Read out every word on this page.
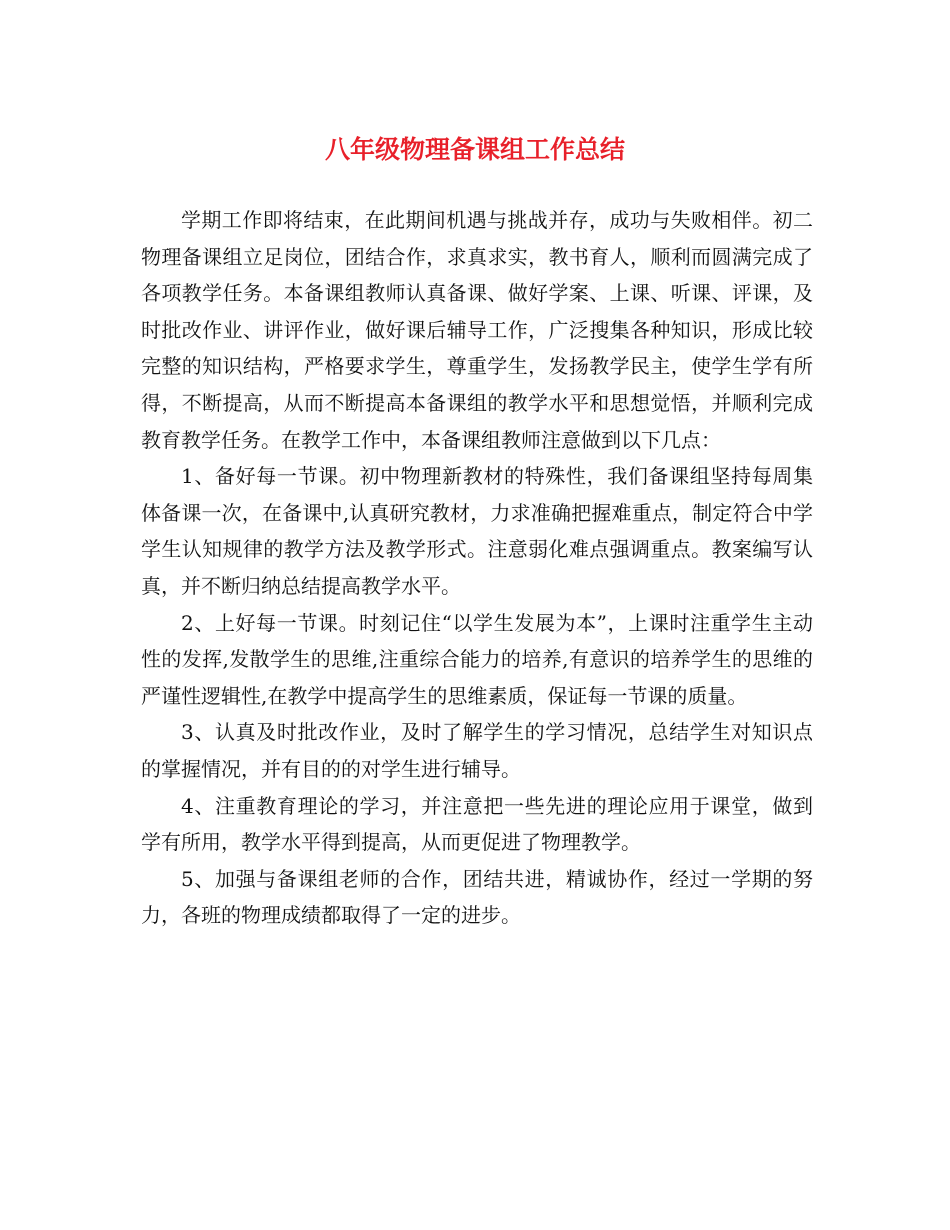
八年级物理备课组工作总结

学期工作即将结束，在此期间机遇与挑战并存，成功与失败相伴。初二物理备课组立足岗位，团结合作，求真求实，教书育人，顺利而圆满完成了各项教学任务。本备课组教师认真备课、做好学案、上课、听课、评课，及时批改作业、讲评作业，做好课后辅导工作，广泛搜集各种知识，形成比较完整的知识结构，严格要求学生，尊重学生，发扬教学民主，使学生学有所得，不断提高，从而不断提高本备课组的教学水平和思想觉悟，并顺利完成教育教学任务。在教学工作中，本备课组教师注意做到以下几点：

1、备好每一节课。初中物理新教材的特殊性，我们备课组坚持每周集体备课一次，在备课中,认真研究教材，力求准确把握难重点，制定符合中学学生认知规律的教学方法及教学形式。注意弱化难点强调重点。教案编写认真，并不断归纳总结提高教学水平。

2、上好每一节课。时刻记住“以学生发展为本”，上课时注重学生主动性的发挥,发散学生的思维,注重综合能力的培养,有意识的培养学生的思维的严谨性逻辑性,在教学中提高学生的思维素质，保证每一节课的质量。

3、认真及时批改作业，及时了解学生的学习情况，总结学生对知识点的掌握情况，并有目的的对学生进行辅导。

4、注重教育理论的学习，并注意把一些先进的理论应用于课堂，做到学有所用，教学水平得到提高，从而更促进了物理教学。

5、加强与备课组老师的合作，团结共进，精诚协作，经过一学期的努力，各班的物理成绩都取得了一定的进步。
